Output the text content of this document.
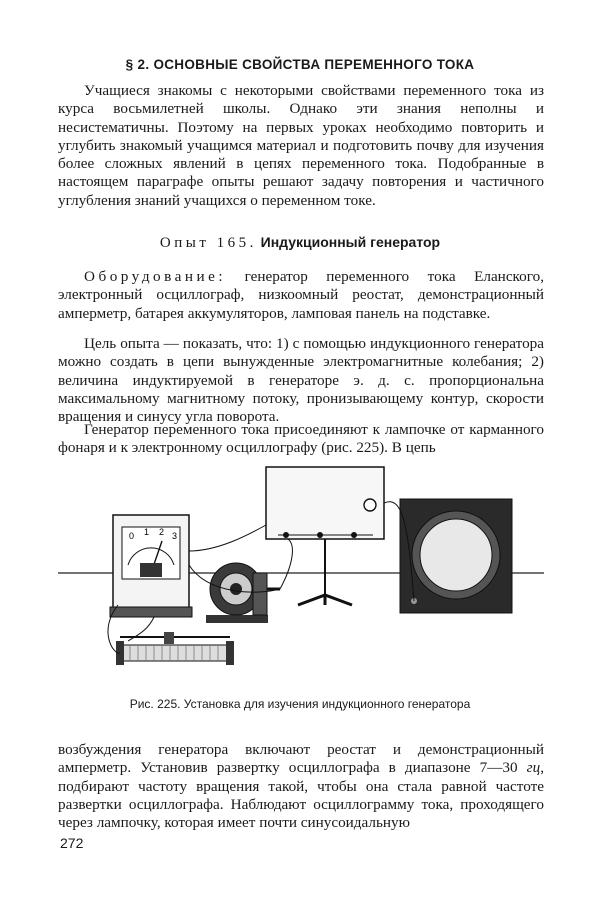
§ 2. ОСНОВНЫЕ СВОЙСТВА ПЕРЕМЕННОГО ТОКА

Учащиеся знакомы с некоторыми свойствами переменного тока из курса восьмилетней школы. Однако эти знания неполны и несистематичны. Поэтому на первых уроках необходимо повторить и углубить знакомый учащимся материал и подготовить почву для изучения более сложных явлений в цепях переменного тока. Подобранные в настоящем параграфе опыты решают задачу повторения и частичного углубления знаний учащихся о переменном токе.

Опыт 165. Индукционный генератор

Оборудование: генератор переменного тока Еланского, электронный осциллограф, низкоомный реостат, демонстрационный амперметр, батарея аккумуляторов, ламповая панель на подставке.

Цель опыта — показать, что: 1) с помощью индукционного генератора можно создать в цепи вынужденные электромагнитные колебания; 2) величина индуктируемой в генераторе э. д. с. пропорциональна максимальному магнитному потоку, пронизывающему контур, скорости вращения и синусу угла поворота.

Генератор переменного тока присоединяют к лампочке от карманного фонаря и к электронному осциллографу (рис. 225). В цепь

0 1 2 3
Рис. 225. Установка для изучения индукционного генератора

возбуждения генератора включают реостат и демонстрационный амперметр. Установив развертку осциллографа в диапазоне 7—30 гц, подбирают частоту вращения такой, чтобы она стала равной частоте развертки осциллографа. Наблюдают осциллограмму тока, проходящего через лампочку, которая имеет почти синусоидальную

272
